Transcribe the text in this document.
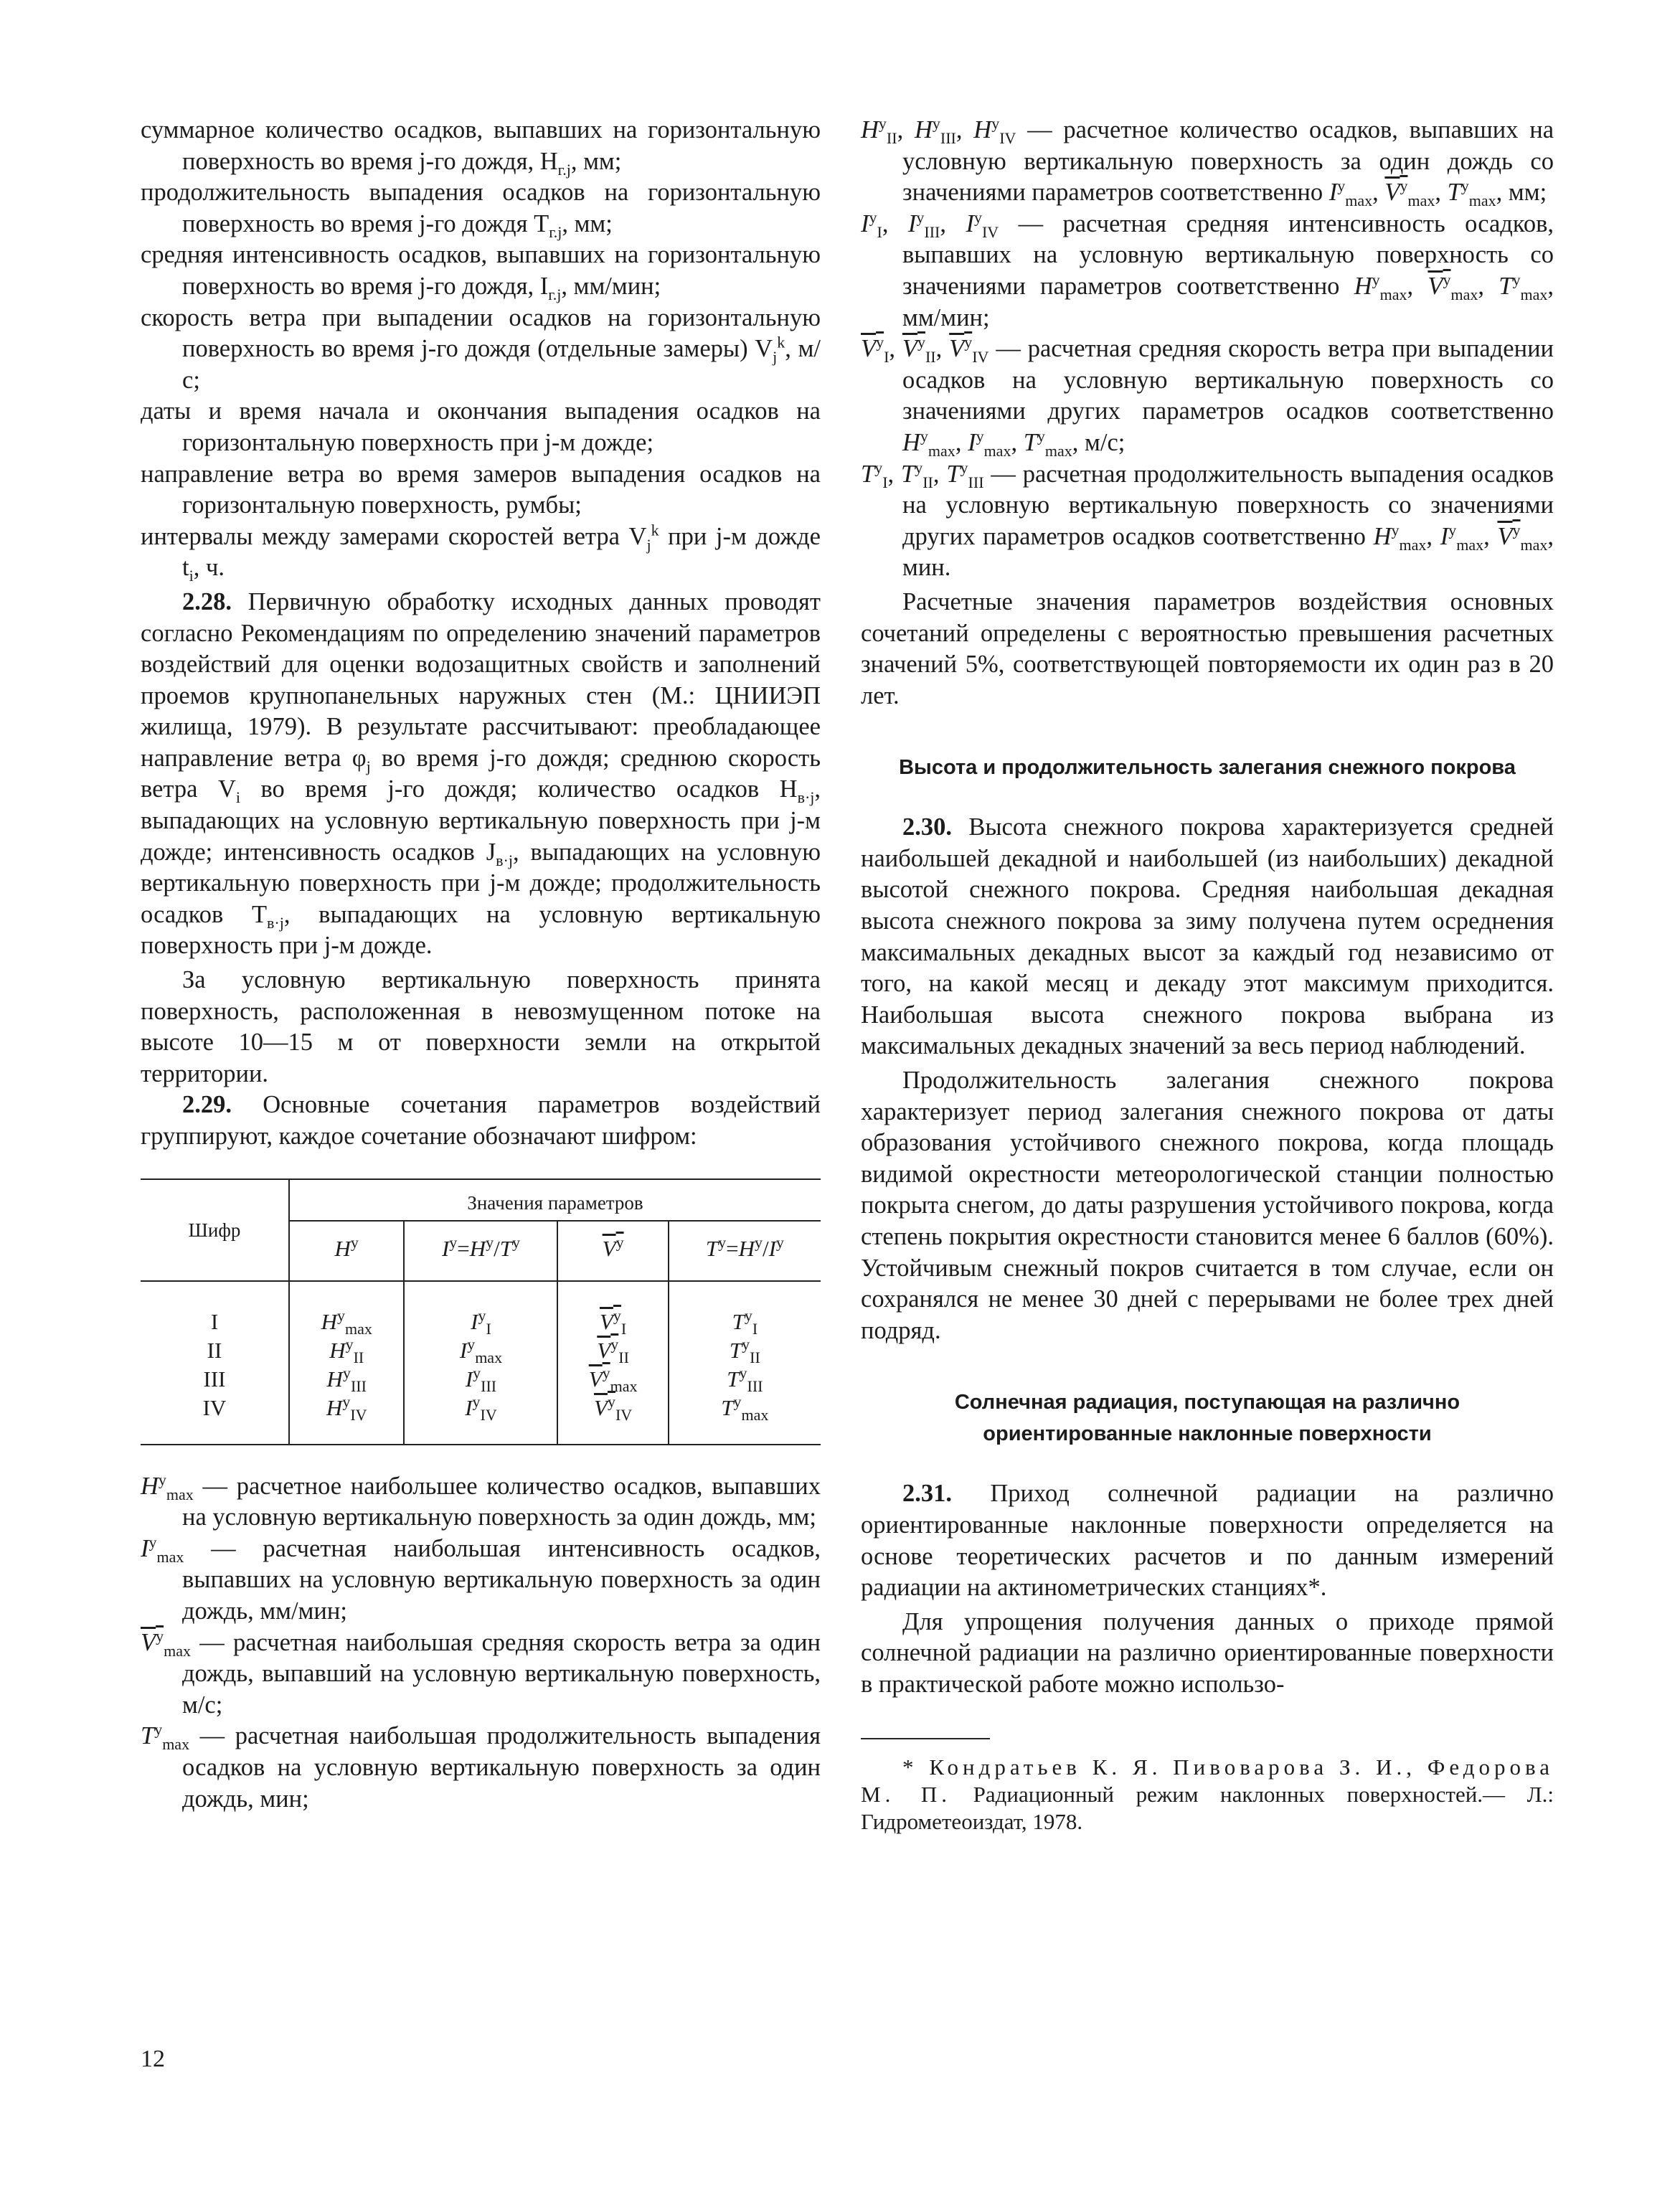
суммарное количество осадков, выпавших на горизонтальную поверхность во время j-го дождя, $H_{г.j}$, мм;

продолжительность выпадения осадков на горизонтальную поверхность во время j-го дождя $T_{г.j}$, мм;

средняя интенсивность осадков, выпавших на горизонтальную поверхность во время j-го дождя, $I_{г.j}$, мм/мин;

скорость ветра при выпадении осадков на горизонтальную поверхность во время j-го дождя (отдельные замеры) $V_j^k$, м/с;

даты и время начала и окончания выпадения осадков на горизонтальную поверхность при j-м дожде;

направление ветра во время замеров выпадения осадков на горизонтальную поверхность, румбы;

интервалы между замерами скоростей ветра $V_j^k$ при j-м дожде $t_i$, ч.

2.28. Первичную обработку исходных данных проводят согласно Рекомендациям по определению значений параметров воздействий для оценки водозащитных свойств и заполнений проемов крупнопанельных наружных стен (М.: ЦНИИЭП жилища, 1979). В результате рассчитывают: преобладающее направление ветра $\varphi_j$ во время j-го дождя; среднюю скорость ветра $V_i$ во время j-го дождя; количество осадков $H_{в\cdot j}$, выпадающих на условную вертикальную поверхность при j-м дожде; интенсивность осадков $J_{в\cdot j}$, выпадающих на условную вертикальную поверхность при j-м дожде; продолжительность осадков $T_{в\cdot j}$, выпадающих на условную вертикальную поверхность при j-м дожде.

За условную вертикальную поверхность принята поверхность, расположенная в невозмущенном потоке на высоте 10—15 м от поверхности земли на открытой территории.

2.29. Основные сочетания параметров воздействий группируют, каждое сочетание обозначают шифром:

Шифр	Значения параметров			
	$H^у$	$I^у=H^у/T^у$	$V^у$	$T^у=H^у/I^у$
I	$H^у_{max}$	$I^у_I$	$V^у_I$	$T^у_I$
II	$H^у_{II}$	$I^у_{max}$	$V^у_{II}$	$T^у_{II}$
III	$H^у_{III}$	$I^у_{III}$	$V^у_{max}$	$T^у_{III}$
IV	$H^у_{IV}$	$I^у_{IV}$	$V^у_{IV}$	$T^у_{max}$

$H^у_{max}$ — расчетное наибольшее количество осадков, выпавших на условную вертикальную поверхность за один дождь, мм;

$I^у_{max}$ — расчетная наибольшая интенсивность осадков, выпавших на условную вертикальную поверхность за один дождь, мм/мин;

$V^у_{max}$ — расчетная наибольшая средняя скорость ветра за один дождь, выпавший на условную вертикальную поверхность, м/с;

$T^у_{max}$ — расчетная наибольшая продолжительность выпадения осадков на условную вертикальную поверхность за один дождь, мин;

$H^у_{II}$, $H^у_{III}$, $H^у_{IV}$ — расчетное количество осадков, выпавших на условную вертикальную поверхность за один дождь со значениями параметров соответственно $I^у_{max}$, $V^у_{max}$, $T^у_{max}$, мм;

$I^у_I$, $I^у_{III}$, $I^у_{IV}$ — расчетная средняя интенсивность осадков, выпавших на условную вертикальную поверхность со значениями параметров соответственно $H^у_{max}$, $V^у_{max}$, $T^у_{max}$, мм/мин;

$V^у_I$, $V^у_{II}$, $V^у_{IV}$ — расчетная средняя скорость ветра при выпадении осадков на условную вертикальную поверхность со значениями других параметров осадков соответственно $H^у_{max}$, $I^у_{max}$, $T^у_{max}$, м/с;

$T^у_I$, $T^у_{II}$, $T^у_{III}$ — расчетная продолжительность выпадения осадков на условную вертикальную поверхность со значениями других параметров осадков соответственно $H^у_{max}$, $I^у_{max}$, $V^у_{max}$, мин.

Расчетные значения параметров воздействия основных сочетаний определены с вероятностью превышения расчетных значений 5%, соответствующей повторяемости их один раз в 20 лет.

Высота и продолжительность залегания снежного покрова

2.30. Высота снежного покрова характеризуется средней наибольшей декадной и наибольшей (из наибольших) декадной высотой снежного покрова. Средняя наибольшая декадная высота снежного покрова за зиму получена путем осреднения максимальных декадных высот за каждый год независимо от того, на какой месяц и декаду этот максимум приходится. Наибольшая высота снежного покрова выбрана из максимальных декадных значений за весь период наблюдений.

Продолжительность залегания снежного покрова характеризует период залегания снежного покрова от даты образования устойчивого снежного покрова, когда площадь видимой окрестности метеорологической станции полностью покрыта снегом, до даты разрушения устойчивого покрова, когда степень покрытия окрестности становится менее 6 баллов (60%). Устойчивым снежный покров считается в том случае, если он сохранялся не менее 30 дней с перерывами не более трех дней подряд.

Солнечная радиация, поступающая на различно ориентированные наклонные поверхности

2.31. Приход солнечной радиации на различно ориентированные наклонные поверхности определяется на основе теоретических расчетов и по данным измерений радиации на актинометрических станциях*.

Для упрощения получения данных о приходе прямой солнечной радиации на различно ориентированные поверхности в практической работе можно использо-

* Кондратьев К. Я. Пивоварова З. И., Федорова М. П. Радиационный режим наклонных поверхностей.— Л.: Гидрометеоиздат, 1978.

12
